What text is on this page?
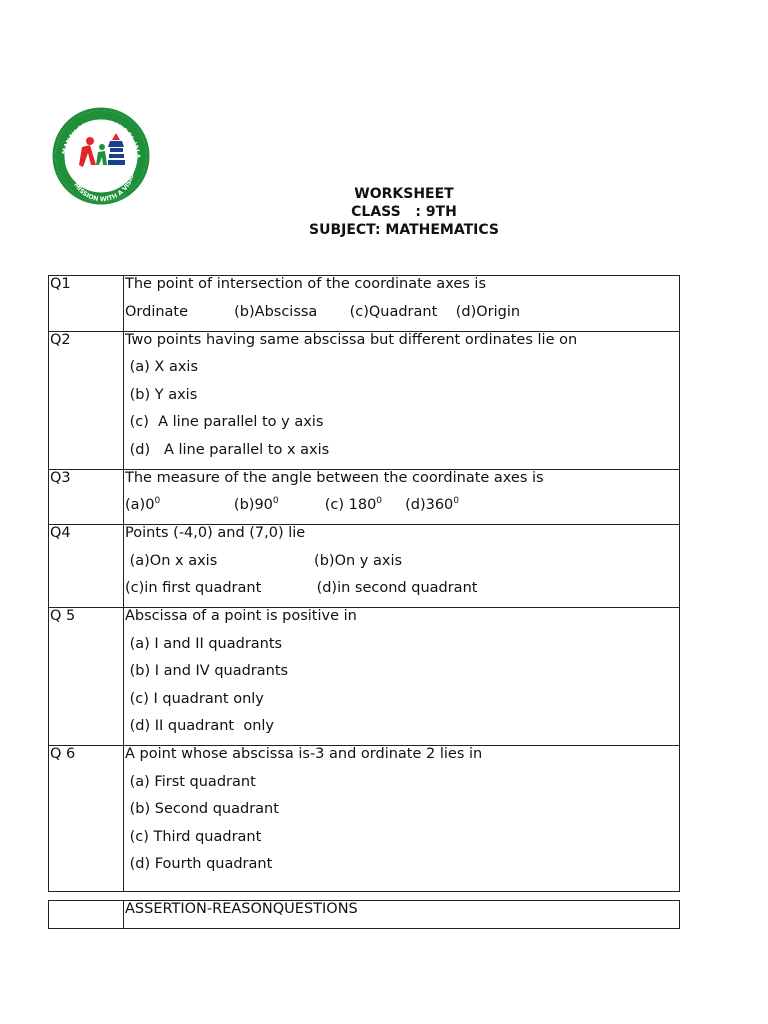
MANAV SEHYOG SCHOOL JALA
MISSION WITH A VISION
WORKSHEET
CLASS   : 9TH
SUBJECT: MATHEMATICS
Q1	The point of intersection of the coordinate axes is
Ordinate          (b)Abscissa       (c)Quadrant    (d)Origin

Q2	Two points having same abscissa but different ordinates lie on
(a) X axis
(b) Y axis
(c)  A line parallel to y axis
(d)   A line parallel to x axis

Q3	The measure of the angle between the coordinate axes is
$(a)0^0$ $(b)90^0$ (c) $180^0$ $(d)360^0$

Q4	Points (-4,0) and (7,0) lie
(a)On x axis                     (b)On y axis
(c)in first quadrant            (d)in second quadrant

Q 5	Abscissa of a point is positive in
(a) I and II quadrants
(b) I and IV quadrants
(c) I quadrant only
(d) II quadrant  only

Q 6	A point whose abscissa is-3 and ordinate 2 lies in
(a) First quadrant
(b) Second quadrant
(c) Third quadrant
(d) Fourth quadrant
	ASSERTION-REASONQUESTIONS
